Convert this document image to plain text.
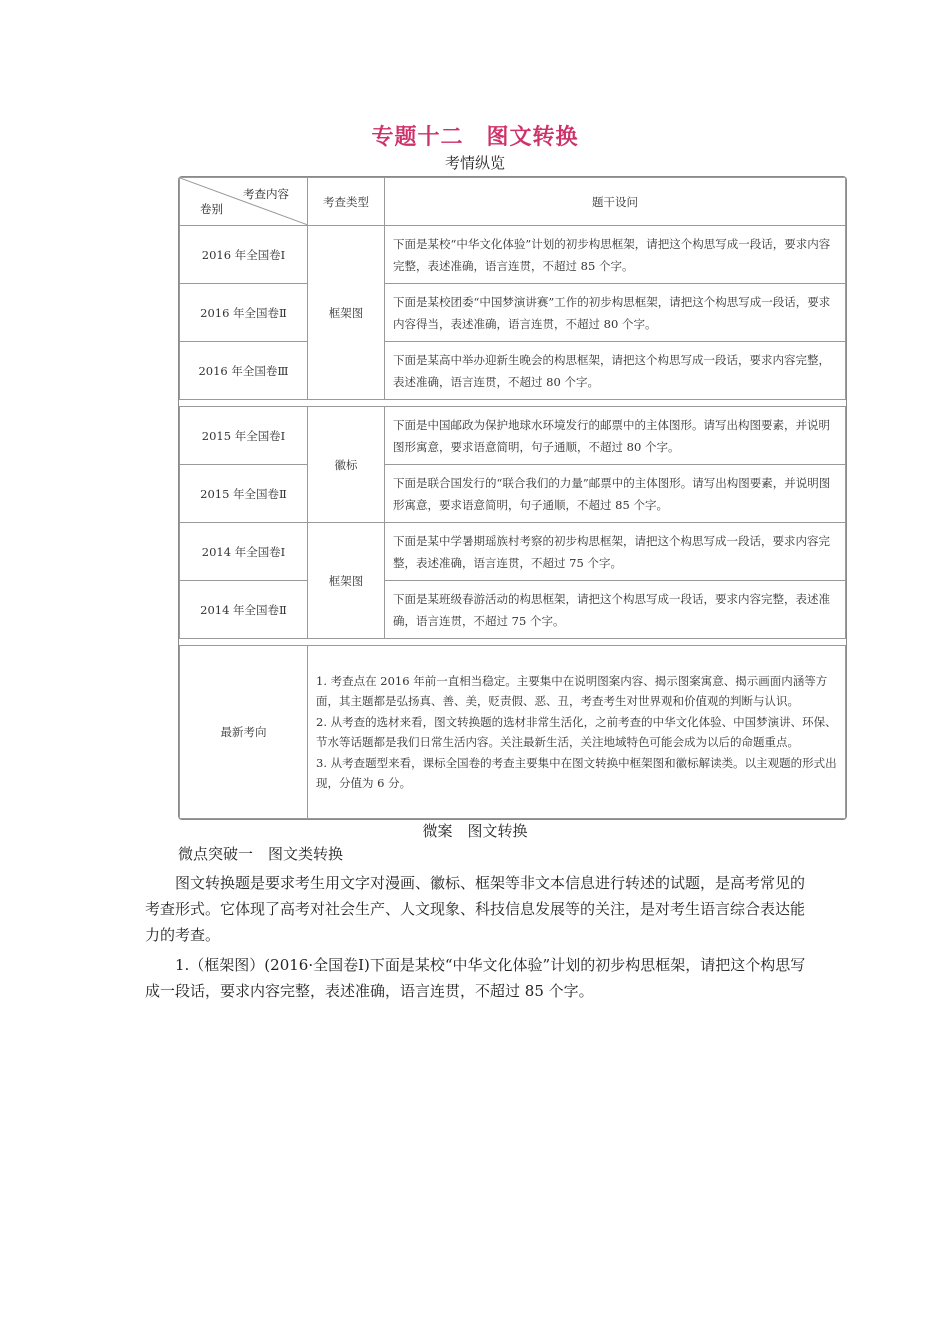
专题十二　图文转换
考情纵览
考查内容
卷别	考查类型	题干设问
2016 年全国卷Ⅰ	框架图	下面是某校“中华文化体验”计划的初步构思框架，请把这个构思写成一段话，要求内容完整，表述准确，语言连贯，不超过 85 个字。
2016 年全国卷Ⅱ		下面是某校团委“中国梦演讲赛”工作的初步构思框架，请把这个构思写成一段话，要求内容得当，表述准确，语言连贯，不超过 80 个字。
2016 年全国卷Ⅲ		下面是某高中举办迎新生晚会的构思框架，请把这个构思写成一段话，要求内容完整，表述准确，语言连贯，不超过 80 个字。

2015 年全国卷Ⅰ	徽标	下面是中国邮政为保护地球水环境发行的邮票中的主体图形。请写出构图要素，并说明图形寓意，要求语意简明，句子通顺，不超过 80 个字。
2015 年全国卷Ⅱ		下面是联合国发行的“联合我们的力量”邮票中的主体图形。请写出构图要素，并说明图形寓意，要求语意简明，句子通顺，不超过 85 个字。
2014 年全国卷Ⅰ	框架图	下面是某中学暑期瑶族村考察的初步构思框架，请把这个构思写成一段话，要求内容完整，表述准确，语言连贯，不超过 75 个字。
2014 年全国卷Ⅱ		下面是某班级春游活动的构思框架，请把这个构思写成一段话，要求内容完整，表述准确，语言连贯，不超过 75 个字。

最新考向	1. 考查点在 2016 年前一直相当稳定。主要集中在说明图案内容、揭示图案寓意、揭示画面内涵等方面，其主题都是弘扬真、善、美，贬责假、恶、丑，考查考生对世界观和价值观的判断与认识。
2. 从考查的选材来看，图文转换题的选材非常生活化，之前考查的中华文化体验、中国梦演讲、环保、节水等话题都是我们日常生活内容。关注最新生活，关注地域特色可能会成为以后的命题重点。
3. 从考查题型来看，课标全国卷的考查主要集中在图文转换中框架图和徽标解读类。以主观题的形式出现，分值为 6 分。	
微案　图文转换
微点突破一　图文类转换
　　图文转换题是要求考生用文字对漫画、徽标、框架等非文本信息进行转述的试题，是高考常见的考查形式。它体现了高考对社会生产、人文现象、科技信息发展等的关注，是对考生语言综合表达能力的考查。
　　1.（框架图）(2016·全国卷Ⅰ)下面是某校“中华文化体验”计划的初步构思框架，请把这个构思写成一段话，要求内容完整，表述准确，语言连贯，不超过 85 个字。
